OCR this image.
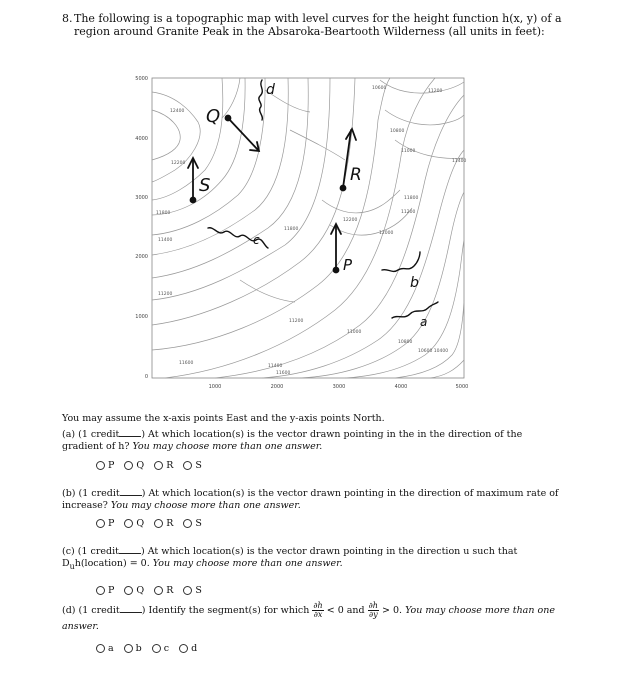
8. The following is a topographic map with level curves for the height function h(x, y) of a region around Granite Peak in the Absaroka-Beartooth Wilderness (all units in feet):
5000
4000
3000
2000
1000
0
1000	2000	3000	4000	5000
12400
12200
11800
11400
11200
11600
11200
11400
11600
11800
12200
12000
11000
11200
10600
11200
10800
11000
11400
11800
10800
10600 10400
Q
S	R
P
d
c
b
a
You may assume the x-axis points East and the y-axis points North.
(a) (1 credit ) At which location(s) is the vector drawn pointing in the in the direction of the gradient of h? You may choose more than one answer.
P Q R S
(b) (1 credit ) At which location(s) is the vector drawn pointing in the direction of maximum rate of increase? You may choose more than one answer.
P Q R S
(c) (1 credit ) At which location(s) is the vector drawn pointing in the direction u such that $D_uh(location) = 0$. You may choose more than one answer.
P Q R S
(d) (1 credit ) Identify the segment(s) for which $\frac{\partial h}{\partial x} < 0$ and $\frac{\partial h}{\partial y} > 0$. You may choose more than one answer.
a b c d
